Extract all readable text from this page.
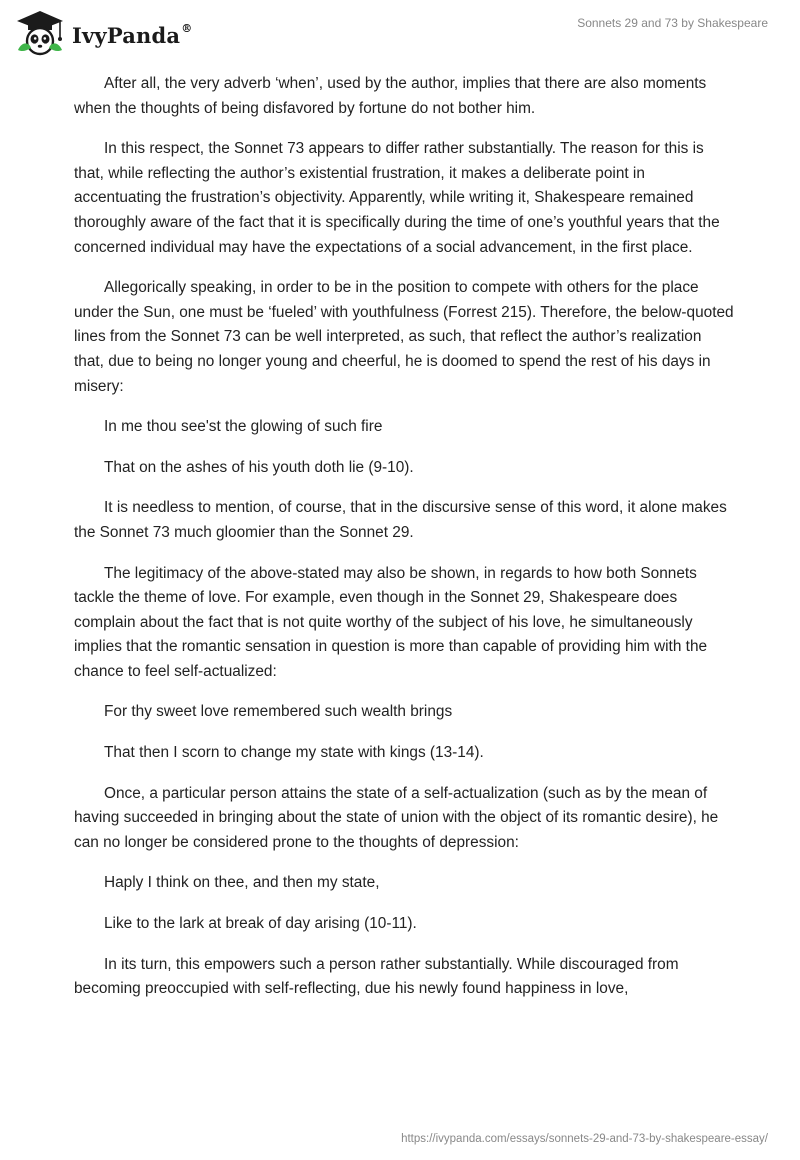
IvyPanda®	Sonnets 29 and 73 by Shakespeare

After all, the very adverb ‘when’, used by the author, implies that there are also moments when the thoughts of being disfavored by fortune do not bother him.

In this respect, the Sonnet 73 appears to differ rather substantially. The reason for this is that, while reflecting the author’s existential frustration, it makes a deliberate point in accentuating the frustration’s objectivity. Apparently, while writing it, Shakespeare remained thoroughly aware of the fact that it is specifically during the time of one’s youthful years that the concerned individual may have the expectations of a social advancement, in the first place.

Allegorically speaking, in order to be in the position to compete with others for the place under the Sun, one must be ‘fueled’ with youthfulness (Forrest 215). Therefore, the below-quoted lines from the Sonnet 73 can be well interpreted, as such, that reflect the author’s realization that, due to being no longer young and cheerful, he is doomed to spend the rest of his days in misery:

In me thou see'st the glowing of such fire

That on the ashes of his youth doth lie (9-10).

It is needless to mention, of course, that in the discursive sense of this word, it alone makes the Sonnet 73 much gloomier than the Sonnet 29.

The legitimacy of the above-stated may also be shown, in regards to how both Sonnets tackle the theme of love. For example, even though in the Sonnet 29, Shakespeare does complain about the fact that is not quite worthy of the subject of his love, he simultaneously implies that the romantic sensation in question is more than capable of providing him with the chance to feel self-actualized:

For thy sweet love remembered such wealth brings

That then I scorn to change my state with kings (13-14).

Once, a particular person attains the state of a self-actualization (such as by the mean of having succeeded in bringing about the state of union with the object of its romantic desire), he can no longer be considered prone to the thoughts of depression:

Haply I think on thee, and then my state,

Like to the lark at break of day arising (10-11).

In its turn, this empowers such a person rather substantially. While discouraged from becoming preoccupied with self-reflecting, due his newly found happiness in love,

https://ivypanda.com/essays/sonnets-29-and-73-by-shakespeare-essay/
